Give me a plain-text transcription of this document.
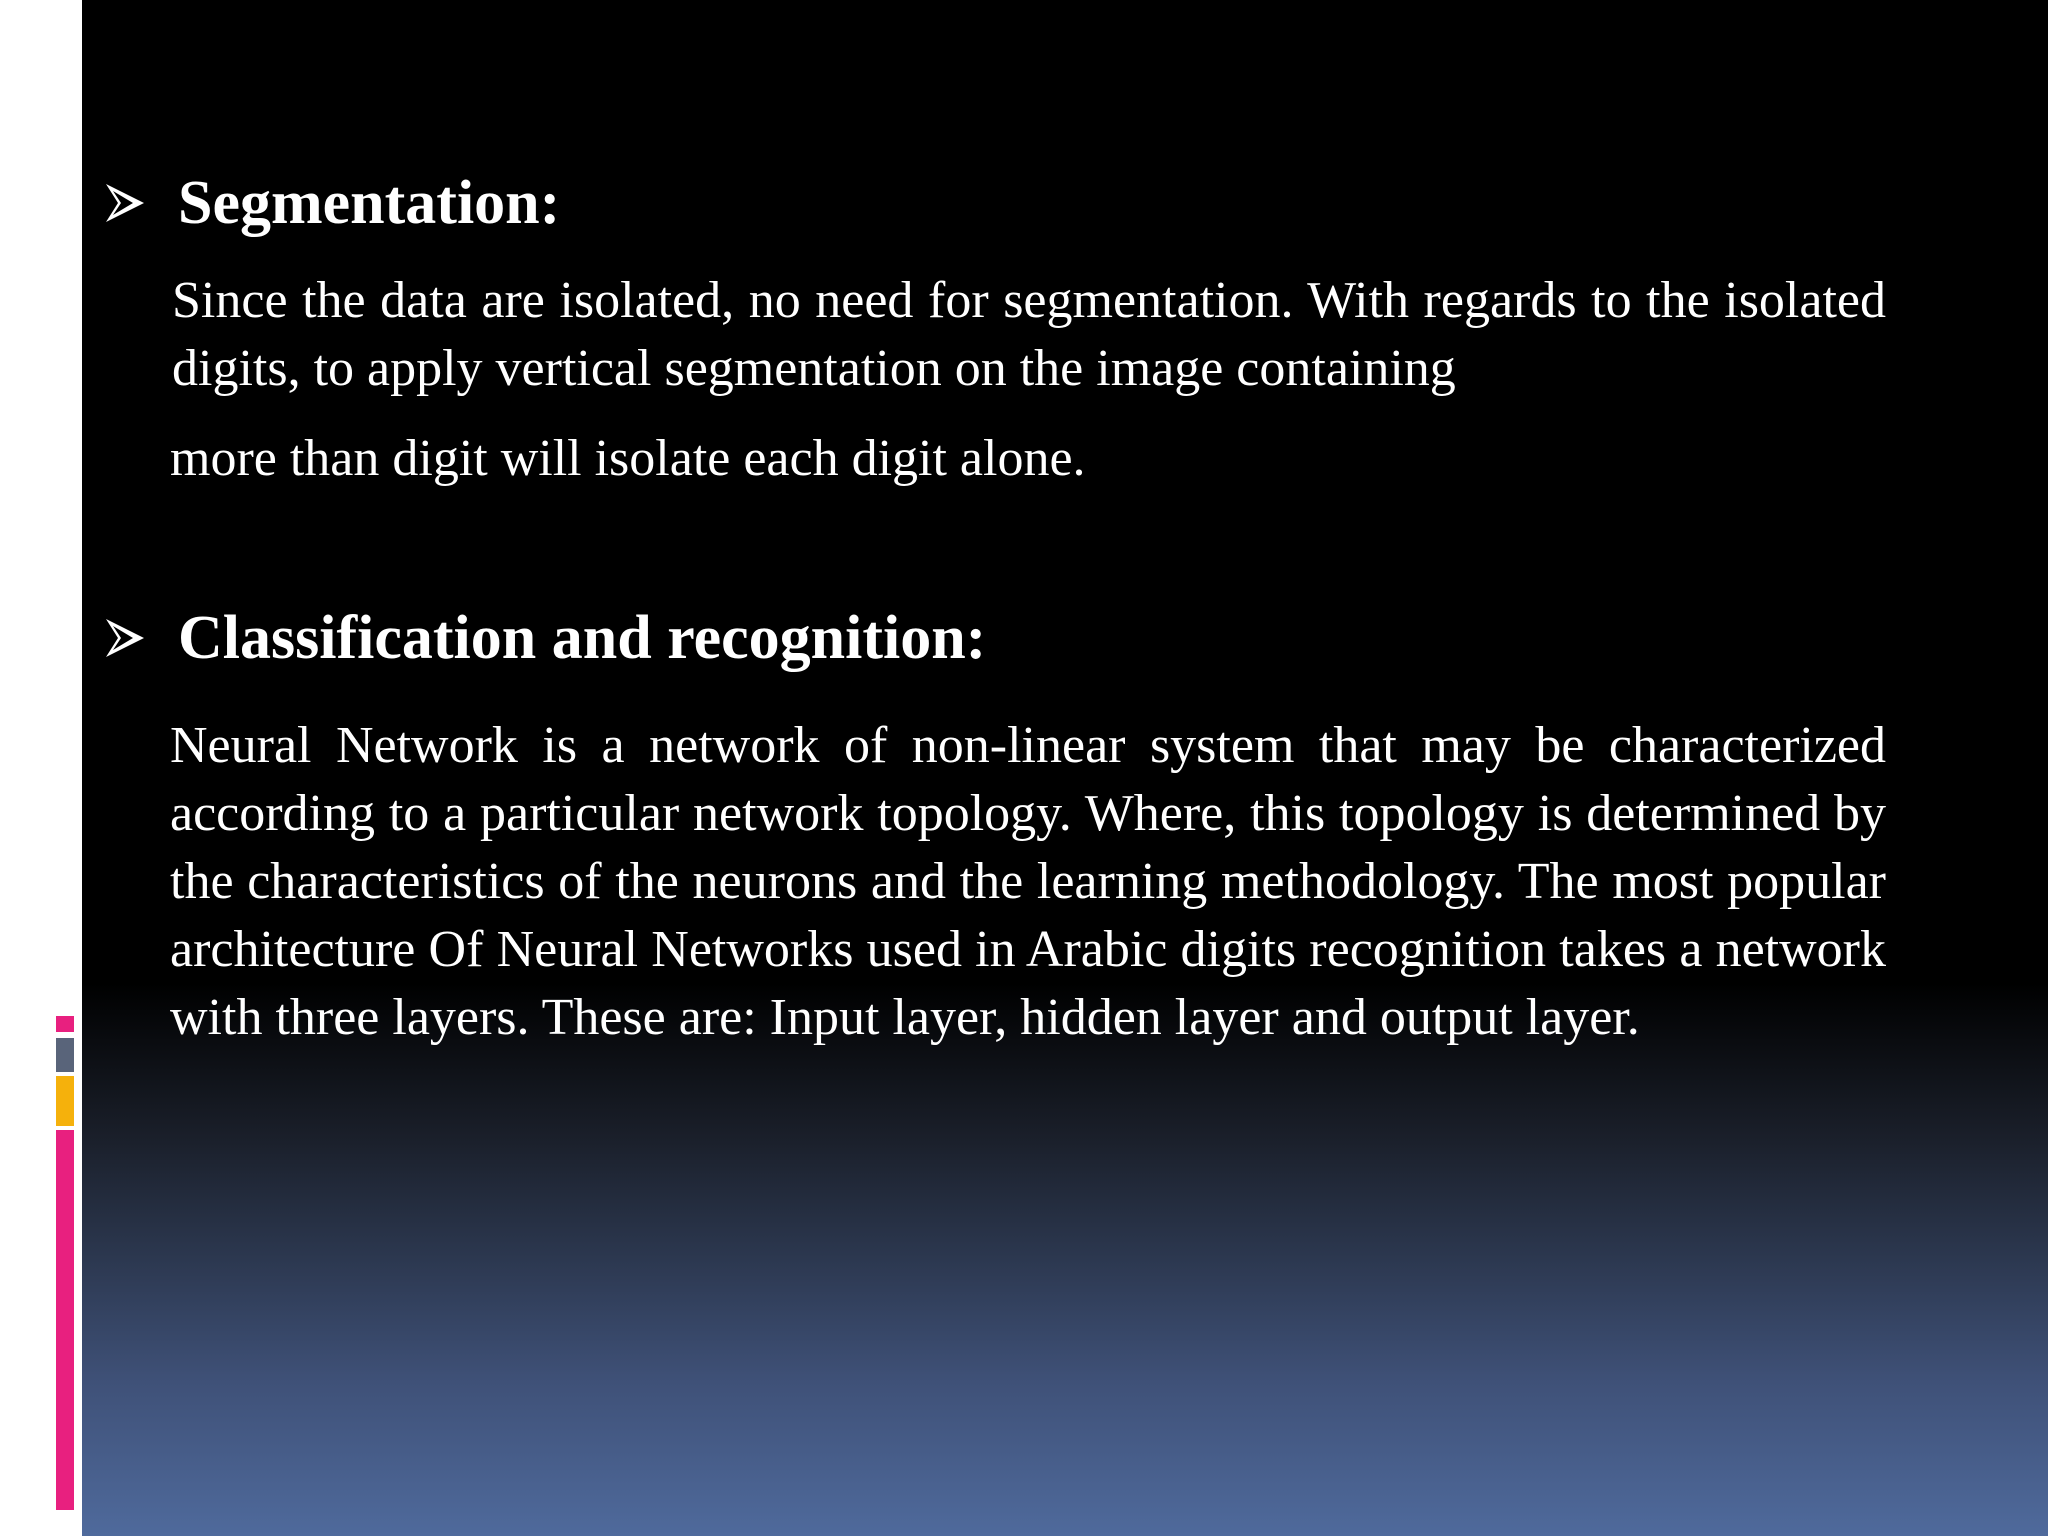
Segmentation:

Since the data are isolated, no need for segmentation. With regards to the isolated digits, to apply vertical segmentation on the image containing

more than digit will isolate each digit alone.

Classification and recognition:

Neural Network is a network of non-linear system that may be characterized according to a particular network topology. Where, this topology is determined by the characteristics of the neurons and the learning methodology. The most popular architecture Of Neural Networks used in Arabic digits recognition takes a network with three layers. These are: Input layer, hidden layer and output layer.
